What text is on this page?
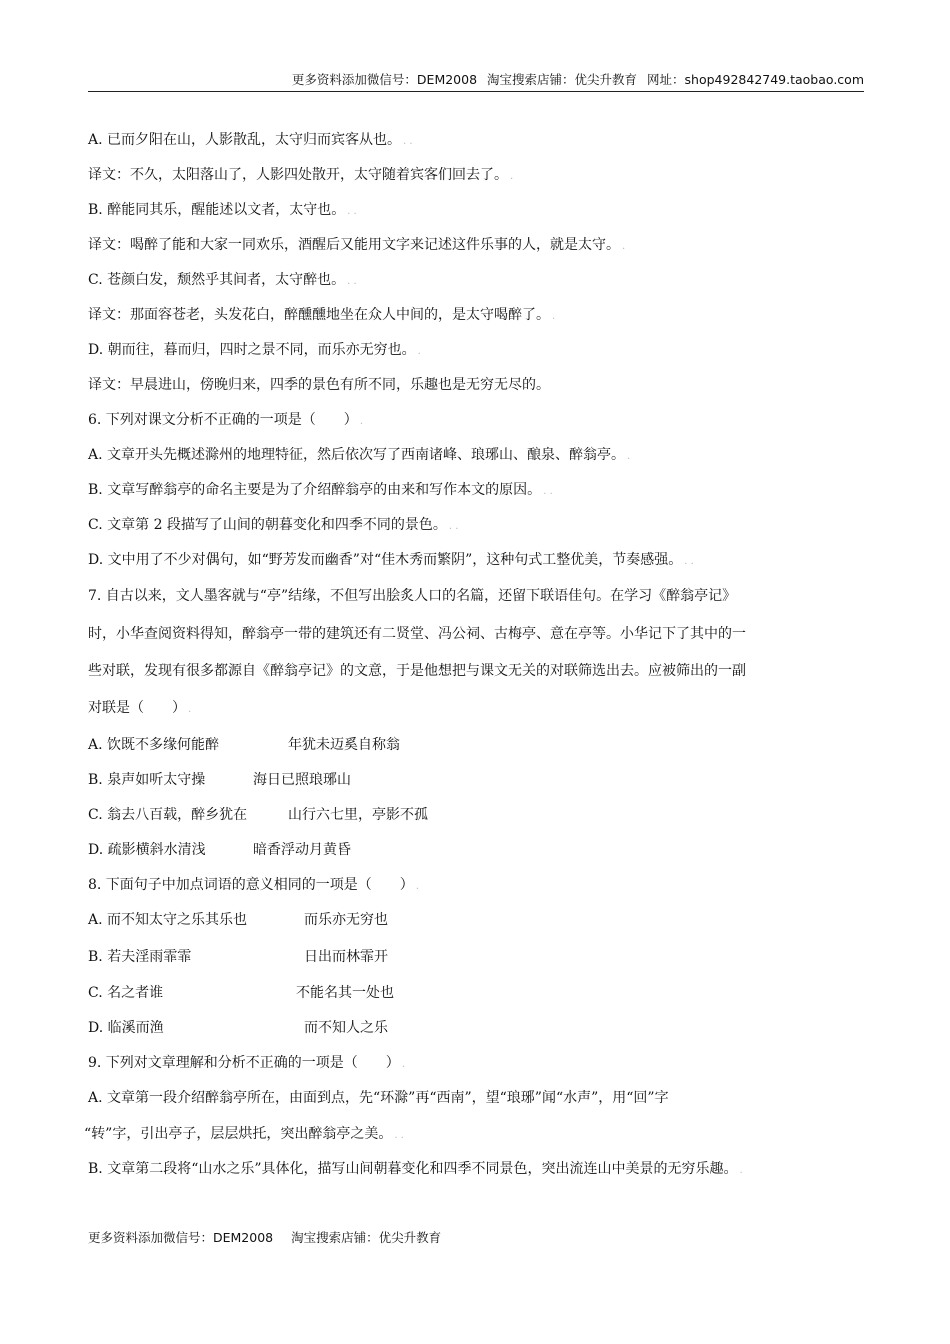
更多资料添加微信号：DEM2008 淘宝搜索店铺：优尖升教育 网址：shop492842749.taobao.com
A. 已而夕阳在山，人影散乱，太守归而宾客从也。 . .
译文：不久，太阳落山了，人影四处散开，太守随着宾客们回去了。 .
B. 醉能同其乐，醒能述以文者，太守也。 . .
译文：喝醉了能和大家一同欢乐，酒醒后又能用文字来记述这件乐事的人，就是太守。 .
C. 苍颜白发，颓然乎其间者，太守醉也。 . .
译文：那面容苍老，头发花白，醉醺醺地坐在众人中间的，是太守喝醉了。 .
D. 朝而往，暮而归，四时之景不同，而乐亦无穷也。 .
译文：早晨进山，傍晚归来，四季的景色有所不同，乐趣也是无穷无尽的。
6. 下列对课文分析不正确的一项是（　　） .
A. 文章开头先概述滁州的地理特征，然后依次写了西南诸峰、琅琊山、酿泉、醉翁亭。 .
B. 文章写醉翁亭的命名主要是为了介绍醉翁亭的由来和写作本文的原因。 . .
C. 文章第 2 段描写了山间的朝暮变化和四季不同的景色。 . .
D. 文中用了不少对偶句，如“野芳发而幽香”对“佳木秀而繁阴”，这种句式工整优美，节奏感强。 . .
7. 自古以来，文人墨客就与“亭”结缘，不但写出脍炙人口的名篇，还留下联语佳句。在学习《醉翁亭记》
时，小华查阅资料得知，醉翁亭一带的建筑还有二贤堂、冯公祠、古梅亭、意在亭等。小华记下了其中的一
些对联，发现有很多都源自《醉翁亭记》的文意，于是他想把与课文无关的对联筛选出去。应被筛出的一副
对联是（　　） .
A. 饮既不多缘何能醉	年犹未迈奚自称翁
B. 泉声如听太守操	海日已照琅琊山
C. 翁去八百载，醉乡犹在	山行六七里，亭影不孤
D. 疏影横斜水清浅	暗香浮动月黄昏
8. 下面句子中加点词语的意义相同的一项是（　　） .
A. 而不知太守之乐其乐也	而乐亦无穷也
B. 若夫淫雨霏霏	日出而林霏开
C. 名之者谁	不能名其一处也
D. 临溪而渔	而不知人之乐
9. 下列对文章理解和分析不正确的一项是（　　） .
A. 文章第一段介绍醉翁亭所在，由面到点，先“环滁”再“西南”，望“琅琊”闻“水声”，用“回”字
“转”字，引出亭子，层层烘托，突出醉翁亭之美。 . .
B. 文章第二段将“山水之乐”具体化，描写山间朝暮变化和四季不同景色，突出流连山中美景的无穷乐趣。 .
更多资料添加微信号：DEM2008 淘宝搜索店铺：优尖升教育
